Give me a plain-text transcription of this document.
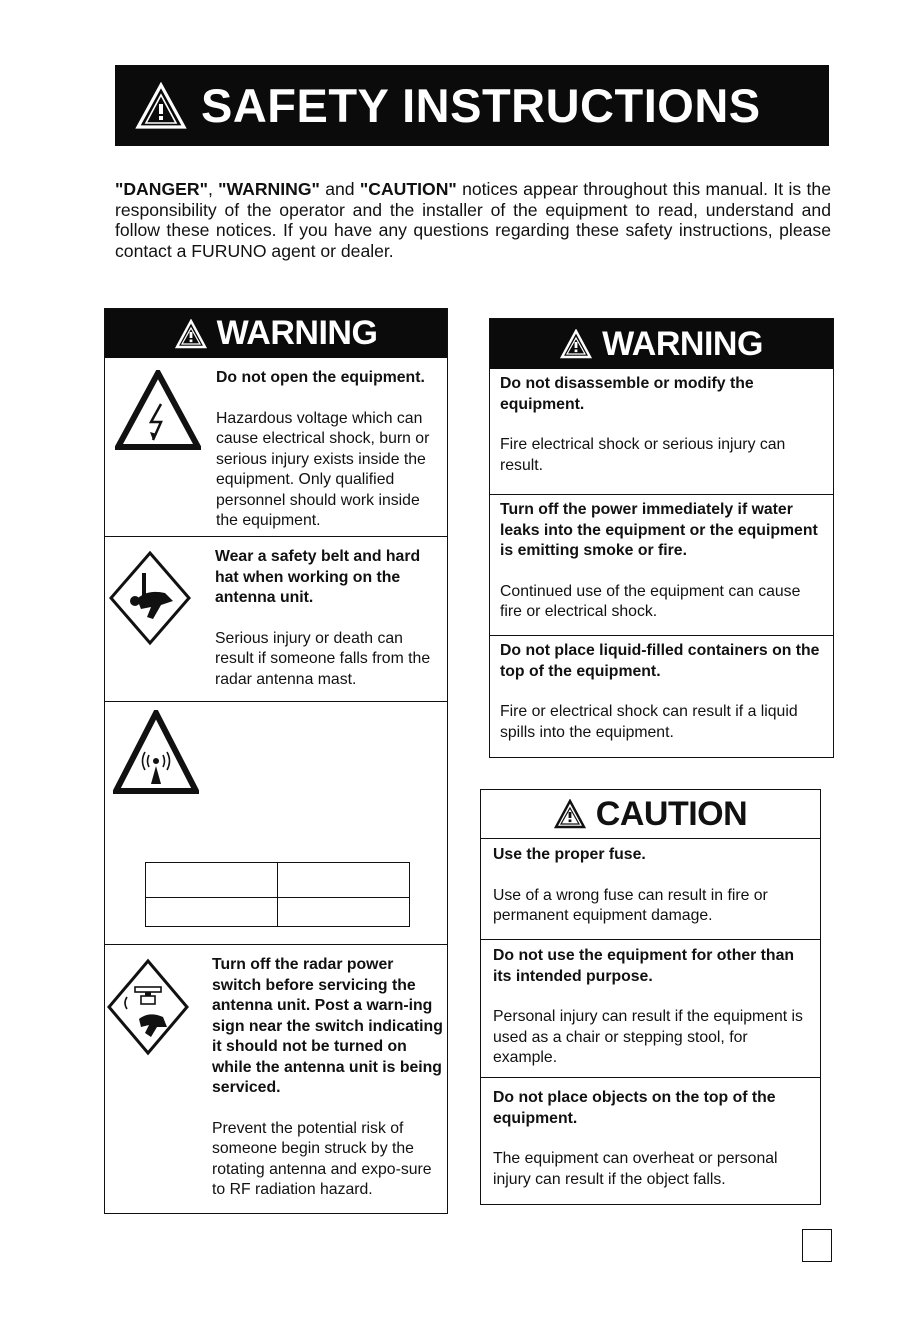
SAFETY INSTRUCTIONS
"DANGER", "WARNING" and "CAUTION" notices appear throughout this manual. It is the responsibility of the operator and the installer of the equipment to read, understand and follow these notices. If you have any questions regarding these safety instructions, please contact a FURUNO agent or dealer.
WARNING
Do not open the equipment.
Hazardous voltage which can cause electrical shock, burn or serious injury exists inside the equipment. Only qualified personnel should work inside the equipment.
Wear a safety belt and hard hat when working on the antenna unit.
Serious injury or death can result if someone falls from the radar antenna mast.

Turn off the radar power switch before servicing the antenna unit. Post a warn-ing sign near the switch indicating it should not be turned on while the antenna unit is being serviced.
Prevent the potential risk of someone begin struck by the rotating antenna and expo-sure to RF radiation hazard.
WARNING
Do not disassemble or modify the equipment.
Fire electrical shock or serious injury can result.
Turn off the power immediately if water leaks into the equipment or the equipment is emitting smoke or fire.
Continued use of the equipment can cause fire or electrical shock.
Do not place liquid-filled containers on the top of the equipment.
Fire or electrical shock can result if a liquid spills into the equipment.
CAUTION
Use the proper fuse.
Use of a wrong fuse can result in fire or permanent equipment damage.
Do not use the equipment for other than its intended purpose.
Personal injury can result if the equipment is used as a chair or stepping stool, for example.
Do not place objects on the top of the equipment.
The equipment can overheat or personal injury can result if the object falls.
